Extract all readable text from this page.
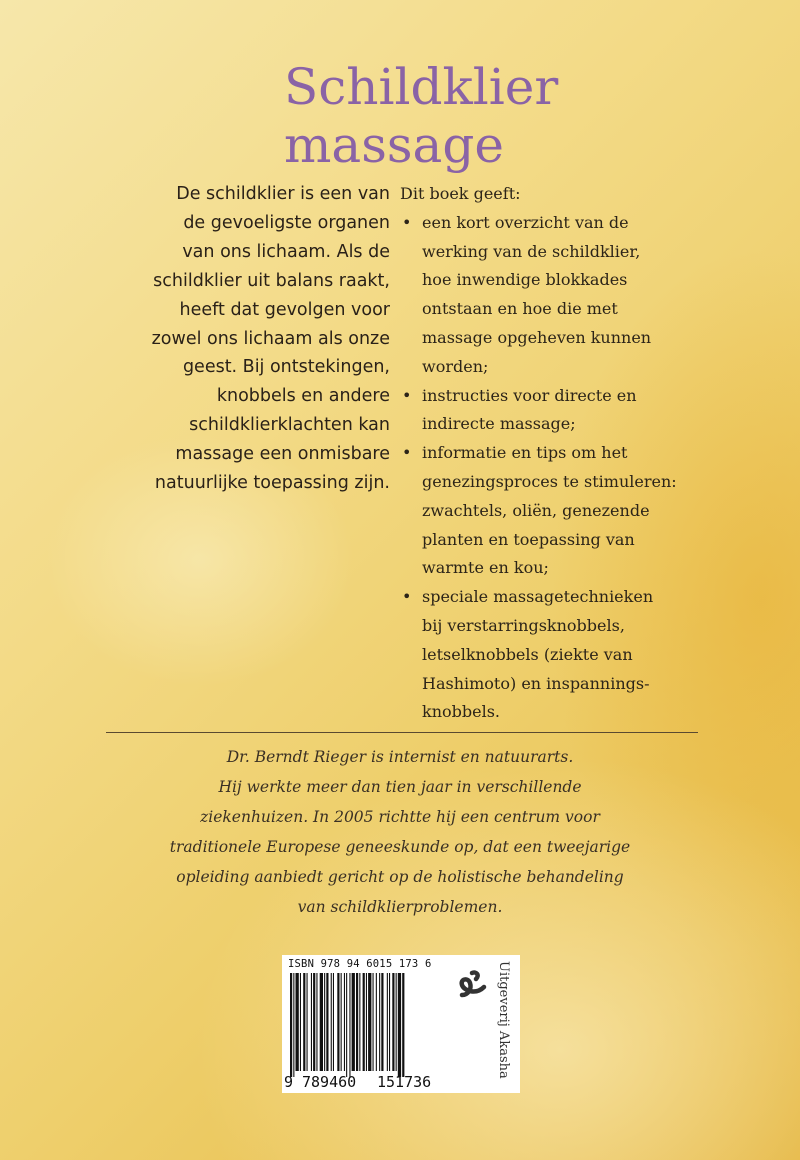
Schildklier
massage

De schildklier is een van
de gevoeligste organen
van ons lichaam. Als de
schildklier uit balans raakt,
heeft dat gevolgen voor
zowel ons lichaam als onze
geest. Bij ontstekingen,
knobbels en andere
schildklierklachten kan
massage een onmisbare
natuurlijke toepassing zijn.

Dit boek geeft:

• een kort overzicht van de
werking van de schildklier,
hoe inwendige blokkades
ontstaan en hoe die met
massage opgeheven kunnen
worden;
• instructies voor directe en
indirecte massage;
• informatie en tips om het
genezingsproces te stimuleren:
zwachtels, oliën, genezende
planten en toepassing van
warmte en kou;
• speciale massagetechnieken
bij verstarringsknobbels,
letselknobbels (ziekte van
Hashimoto) en inspannings-
knobbels.

Dr. Berndt Rieger is internist en natuurarts.
Hij werkte meer dan tien jaar in verschillende
ziekenhuizen. In 2005 richtte hij een centrum voor
traditionele Europese geneeskunde op, dat een tweejarige
opleiding aanbiedt gericht op de holistische behandeling
van schildklierproblemen.

ISBN 978 94 6015 173 6
9 789460 151736

Uitgeverij Akasha
